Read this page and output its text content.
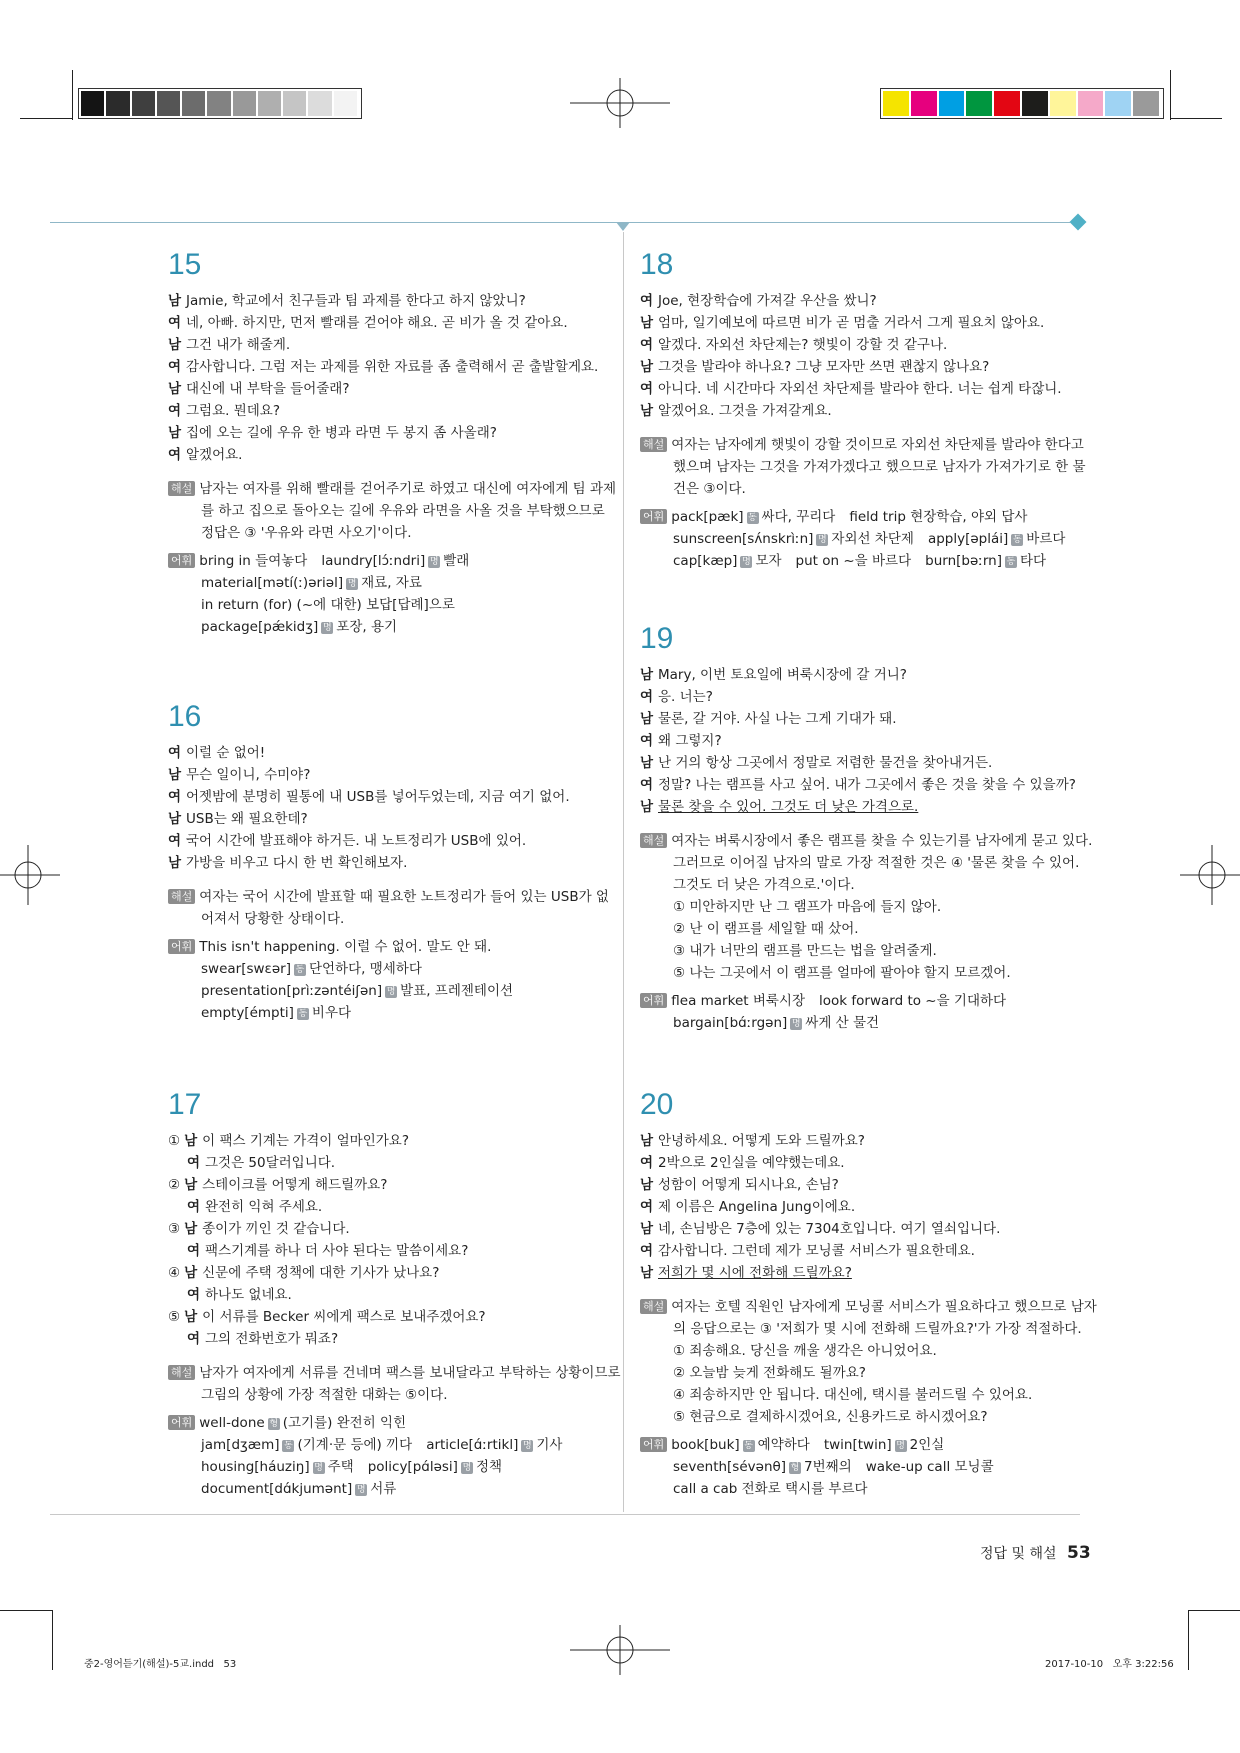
15
남 Jamie, 학교에서 친구들과 팀 과제를 한다고 하지 않았니?
여 네, 아빠. 하지만, 먼저 빨래를 걷어야 해요. 곧 비가 올 것 같아요.
남 그건 내가 해줄게.
여 감사합니다. 그럼 저는 과제를 위한 자료를 좀 출력해서 곧 출발할게요.
남 대신에 내 부탁을 들어줄래?
여 그럼요. 뭔데요?
남 집에 오는 길에 우유 한 병과 라면 두 봉지 좀 사올래?
여 알겠어요.
해설 남자는 여자를 위해 빨래를 걷어주기로 하였고 대신에 여자에게 팀 과제
를 하고 집으로 돌아오는 길에 우유와 라면을 사올 것을 부탁했으므로
정답은 ③ '우유와 라면 사오기'이다.
어휘 bring in 들여놓다 laundry[lɔ́ːndri] 명 빨래
material[mətí(ː)əriəl] 명 재료, 자료
in return (for) (~에 대한) 보답[답례]으로
package[pǽkidʒ] 명 포장, 용기
16
여 이럴 순 없어!
남 무슨 일이니, 수미야?
여 어젯밤에 분명히 필통에 내 USB를 넣어두었는데, 지금 여기 없어.
남 USB는 왜 필요한데?
여 국어 시간에 발표해야 하거든. 내 노트정리가 USB에 있어.
남 가방을 비우고 다시 한 번 확인해보자.
해설 여자는 국어 시간에 발표할 때 필요한 노트정리가 들어 있는 USB가 없
어져서 당황한 상태이다.
어휘 This isn't happening. 이럴 수 없어. 말도 안 돼.
swear[swɛər] 동 단언하다, 맹세하다
presentation[prìːzəntéiʃən] 명 발표, 프레젠테이션
empty[émpti] 동 비우다
17
① 남 이 팩스 기계는 가격이 얼마인가요?
여 그것은 50달러입니다.
② 남 스테이크를 어떻게 해드릴까요?
여 완전히 익혀 주세요.
③ 남 종이가 끼인 것 같습니다.
여 팩스기계를 하나 더 사야 된다는 말씀이세요?
④ 남 신문에 주택 정책에 대한 기사가 났나요?
여 하나도 없네요.
⑤ 남 이 서류를 Becker 씨에게 팩스로 보내주겠어요?
여 그의 전화번호가 뭐죠?
해설 남자가 여자에게 서류를 건네며 팩스를 보내달라고 부탁하는 상황이므로
그림의 상황에 가장 적절한 대화는 ⑤이다.
어휘 well-done 형 (고기를) 완전히 익힌
jam[dʒæm] 동 (기계·문 등에) 끼다 article[ɑ́ːrtikl] 명 기사
housing[háuziŋ] 명 주택 policy[pɑ́ləsi] 명 정책
document[dɑ́kjumənt] 명 서류
18
여 Joe, 현장학습에 가져갈 우산을 쌌니?
남 엄마, 일기예보에 따르면 비가 곧 멈출 거라서 그게 필요치 않아요.
여 알겠다. 자외선 차단제는? 햇빛이 강할 것 같구나.
남 그것을 발라야 하나요? 그냥 모자만 쓰면 괜찮지 않나요?
여 아니다. 네 시간마다 자외선 차단제를 발라야 한다. 너는 쉽게 타잖니.
남 알겠어요. 그것을 가져갈게요.
해설 여자는 남자에게 햇빛이 강할 것이므로 자외선 차단제를 발라야 한다고
했으며 남자는 그것을 가져가겠다고 했으므로 남자가 가져가기로 한 물
건은 ③이다.
어휘 pack[pæk] 동 싸다, 꾸리다 field trip 현장학습, 야외 답사
sunscreen[sʌ́nskrìːn] 명 자외선 차단제 apply[əplái] 동 바르다
cap[kæp] 명 모자 put on ~을 바르다 burn[bəːrn] 동 타다
19
남 Mary, 이번 토요일에 벼룩시장에 갈 거니?
여 응. 너는?
남 물론, 갈 거야. 사실 나는 그게 기대가 돼.
여 왜 그렇지?
남 난 거의 항상 그곳에서 정말로 저렴한 물건을 찾아내거든.
여 정말? 나는 램프를 사고 싶어. 내가 그곳에서 좋은 것을 찾을 수 있을까?
남 물론 찾을 수 있어. 그것도 더 낮은 가격으로.
해설 여자는 벼룩시장에서 좋은 램프를 찾을 수 있는기를 남자에게 묻고 있다.
그러므로 이어질 남자의 말로 가장 적절한 것은 ④ '물론 찾을 수 있어.
그것도 더 낮은 가격으로.'이다.
① 미안하지만 난 그 램프가 마음에 들지 않아.
② 난 이 램프를 세일할 때 샀어.
③ 내가 너만의 램프를 만드는 법을 알려줄게.
⑤ 나는 그곳에서 이 램프를 얼마에 팔아야 할지 모르겠어.
어휘 flea market 벼룩시장 look forward to ~을 기대하다
bargain[bɑ́ːrgən] 명 싸게 산 물건
20
남 안녕하세요. 어떻게 도와 드릴까요?
여 2박으로 2인실을 예약했는데요.
남 성함이 어떻게 되시나요, 손님?
여 제 이름은 Angelina Jung이에요.
남 네, 손님방은 7층에 있는 7304호입니다. 여기 열쇠입니다.
여 감사합니다. 그런데 제가 모닝콜 서비스가 필요한데요.
남 저희가 몇 시에 전화해 드릴까요?
해설 여자는 호텔 직원인 남자에게 모닝콜 서비스가 필요하다고 했으므로 남자
의 응답으로는 ③ '저희가 몇 시에 전화해 드릴까요?'가 가장 적절하다.
① 죄송해요. 당신을 깨울 생각은 아니었어요.
② 오늘밤 늦게 전화해도 될까요?
④ 죄송하지만 안 됩니다. 대신에, 택시를 불러드릴 수 있어요.
⑤ 현금으로 결제하시겠어요, 신용카드로 하시겠어요?
어휘 book[buk] 동 예약하다 twin[twin] 명 2인실
seventh[sévənθ] 형 7번째의 wake-up call 모닝콜
call a cab 전화로 택시를 부르다
정답 및 해설 53
중2-영어듣기(해설)-5교.indd   53	2017-10-10   오후 3:22:56
